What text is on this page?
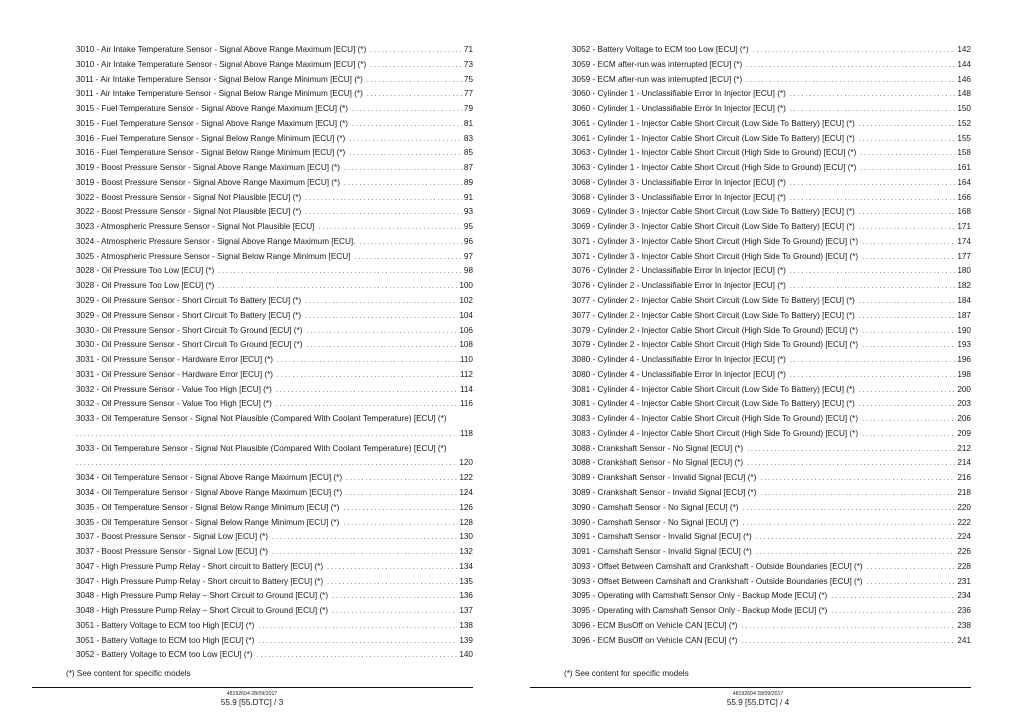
3010 - Air Intake Temperature Sensor - Signal Above Range Maximum [ECU] (*) . . .	71
3010 - Air Intake Temperature Sensor - Signal Above Range Maximum [ECU] (*) . . .	73
3011 - Air Intake Temperature Sensor - Signal Below Range Minimum [ECU] (*) . . .	75
3011 - Air Intake Temperature Sensor - Signal Below Range Minimum [ECU] (*) . . .	77
3015 - Fuel Temperature Sensor - Signal Above Range Maximum [ECU] (*) . . .	79
3015 - Fuel Temperature Sensor - Signal Above Range Maximum [ECU] (*) . . .	81
3016 - Fuel Temperature Sensor - Signal Below Range Minimum [ECU] (*) . . .	83
3016 - Fuel Temperature Sensor - Signal Below Range Minimum [ECU] (*) . . .	85
3019 - Boost Pressure Sensor - Signal Above Range Maximum [ECU] (*) . . .	87
3019 - Boost Pressure Sensor - Signal Above Range Maximum [ECU] (*) . . .	89
3022 - Boost Pressure Sensor - Signal Not Plausible [ECU] (*) . . .	91
3022 - Boost Pressure Sensor - Signal Not Plausible [ECU] (*) . . .	93
3023 - Atmospheric Pressure Sensor - Signal Not Plausible [ECU] . . .	95
3024 - Atmospheric Pressure Sensor - Signal Above Range Maximum [ECU]. . . .	96
3025 - Atmospheric Pressure Sensor - Signal Below Range Minimum [ECU] . . .	97
3028 - Oil Pressure Too Low [ECU] (*) . . .	98
3028 - Oil Pressure Too Low [ECU] (*) . . .	100
3029 - Oil Pressure Sensor - Short Circuit To Battery [ECU] (*) . . .	102
3029 - Oil Pressure Sensor - Short Circuit To Battery [ECU] (*) . . .	104
3030 - Oil Pressure Sensor - Short Circuit To Ground [ECU] (*) . . .	106
3030 - Oil Pressure Sensor - Short Circuit To Ground [ECU] (*) . . .	108
3031 - Oil Pressure Sensor - Hardware Error [ECU] (*) . . .	110
3031 - Oil Pressure Sensor - Hardware Error [ECU] (*) . . .	112
3032 - Oil Pressure Sensor - Value Too High [ECU] (*) . . .	114
3032 - Oil Pressure Sensor - Value Too High [ECU] (*) . . .	116
3033 - Oil Temperature Sensor - Signal Not Plausible (Compared With Coolant Temperature) [ECU] (*)
. . .
118
3033 - Oil Temperature Sensor - Signal Not Plausible (Compared With Coolant Temperature) [ECU] (*)
. . .
120
3034 - Oil Temperature Sensor - Signal Above Range Maximum [ECU] (*) . . .	122
3034 - Oil Temperature Sensor - Signal Above Range Maximum [ECU] (*) . . .	124
3035 - Oil Temperature Sensor - Signal Below Range Minimum [ECU] (*) . . .	126
3035 - Oil Temperature Sensor - Signal Below Range Minimum [ECU] (*) . . .	128
3037 - Boost Pressure Sensor - Signal Low [ECU] (*) . . .	130
3037 - Boost Pressure Sensor - Signal Low [ECU] (*) . . .	132
3047 - High Pressure Pump Relay - Short circuit to Battery [ECU] (*) . . .	134
3047 - High Pressure Pump Relay - Short circuit to Battery [ECU] (*) . . .	135
3048 - High Pressure Pump Relay – Short Circuit to Ground [ECU] (*) . . .	136
3048 - High Pressure Pump Relay – Short Circuit to Ground [ECU] (*) . . .	137
3051 - Battery Voltage to ECM too High [ECU] (*) . . .	138
3051 - Battery Voltage to ECM too High [ECU] (*) . . .	139
3052 - Battery Voltage to ECM too Low [ECU] (*) . . .	140
(*) See content for specific models
48192604 28/09/2017
55.9 [55.DTC] / 3
3052 - Battery Voltage to ECM too Low [ECU] (*) . . .	142
3059 - ECM after-run was interrupted [ECU] (*) . . .	144
3059 - ECM after-run was interrupted [ECU] (*) . . .	146
3060 - Cylinder 1 - Unclassifiable Error In Injector [ECU] (*) . . .	148
3060 - Cylinder 1 - Unclassifiable Error In Injector [ECU] (*) . . .	150
3061 - Cylinder 1 - Injector Cable Short Circuit (Low Side To Battery) [ECU] (*) . . .	152
3061 - Cylinder 1 - Injector Cable Short Circuit (Low Side To Battery) [ECU] (*) . . .	155
3063 - Cylinder 1 - Injector Cable Short Circuit (High Side to Ground) [ECU] (*) . . .	158
3063 - Cylinder 1 - Injector Cable Short Circuit (High Side to Ground) [ECU] (*) . . .	161
3068 - Cylinder 3 - Unclassifiable Error In Injector [ECU] (*) . . .	164
3068 - Cylinder 3 - Unclassifiable Error In Injector [ECU] (*) . . .	166
3069 - Cylinder 3 - Injector Cable Short Circuit (Low Side To Battery) [ECU] (*) . . .	168
3069 - Cylinder 3 - Injector Cable Short Circuit (Low Side To Battery) [ECU] (*) . . .	171
3071 - Cylinder 3 - Injector Cable Short Circuit (High Side To Ground) [ECU] (*) . . .	174
3071 - Cylinder 3 - Injector Cable Short Circuit (High Side To Ground) [ECU] (*) . . .	177
3076 - Cylinder 2 - Unclassifiable Error In Injector [ECU] (*) . . .	180
3076 - Cylinder 2 - Unclassifiable Error In Injector [ECU] (*) . . .	182
3077 - Cylinder 2 - Injector Cable Short Circuit (Low Side To Battery) [ECU] (*) . . .	184
3077 - Cylinder 2 - Injector Cable Short Circuit (Low Side To Battery) [ECU] (*) . . .	187
3079 - Cylinder 2 - Injector Cable Short Circuit (High Side To Ground) [ECU] (*) . . .	190
3079 - Cylinder 2 - Injector Cable Short Circuit (High Side To Ground) [ECU] (*) . . .	193
3080 - Cylinder 4 - Unclassifiable Error In Injector [ECU] (*) . . .	196
3080 - Cylinder 4 - Unclassifiable Error In Injector [ECU] (*) . . .	198
3081 - Cylinder 4 - Injector Cable Short Circuit (Low Side To Battery) [ECU] (*) . . .	200
3081 - Cylinder 4 - Injector Cable Short Circuit (Low Side To Battery) [ECU] (*) . . .	203
3083 - Cylinder 4 - Injector Cable Short Circuit (High Side To Ground) [ECU] (*) . . .	206
3083 - Cylinder 4 - Injector Cable Short Circuit (High Side To Ground) [ECU] (*) . . .	209
3088 - Crankshaft Sensor - No Signal [ECU] (*) . . .	212
3088 - Crankshaft Sensor - No Signal [ECU] (*) . . .	214
3089 - Crankshaft Sensor - Invalid Signal [ECU] (*) . . .	216
3089 - Crankshaft Sensor - Invalid Signal [ECU] (*) . . .	218
3090 - Camshaft Sensor - No Signal [ECU] (*) . . .	220
3090 - Camshaft Sensor - No Signal [ECU] (*) . . .	222
3091 - Camshaft Sensor - Invalid Signal [ECU] (*) . . .	224
3091 - Camshaft Sensor - Invalid Signal [ECU] (*) . . .	226
3093 - Offset Between Camshaft and Crankshaft - Outside Boundaries [ECU] (*) . . .	228
3093 - Offset Between Camshaft and Crankshaft - Outside Boundaries [ECU] (*) . . .	231
3095 - Operating with Camshaft Sensor Only - Backup Mode [ECU] (*) . . .	234
3095 - Operating with Camshaft Sensor Only - Backup Mode [ECU] (*) . . .	236
3096 - ECM BusOff on Vehicle CAN [ECU] (*) . . .	238
3096 - ECM BusOff on Vehicle CAN [ECU] (*) . . .	241
(*) See content for specific models
48192604 28/09/2017
55.9 [55.DTC] / 4
